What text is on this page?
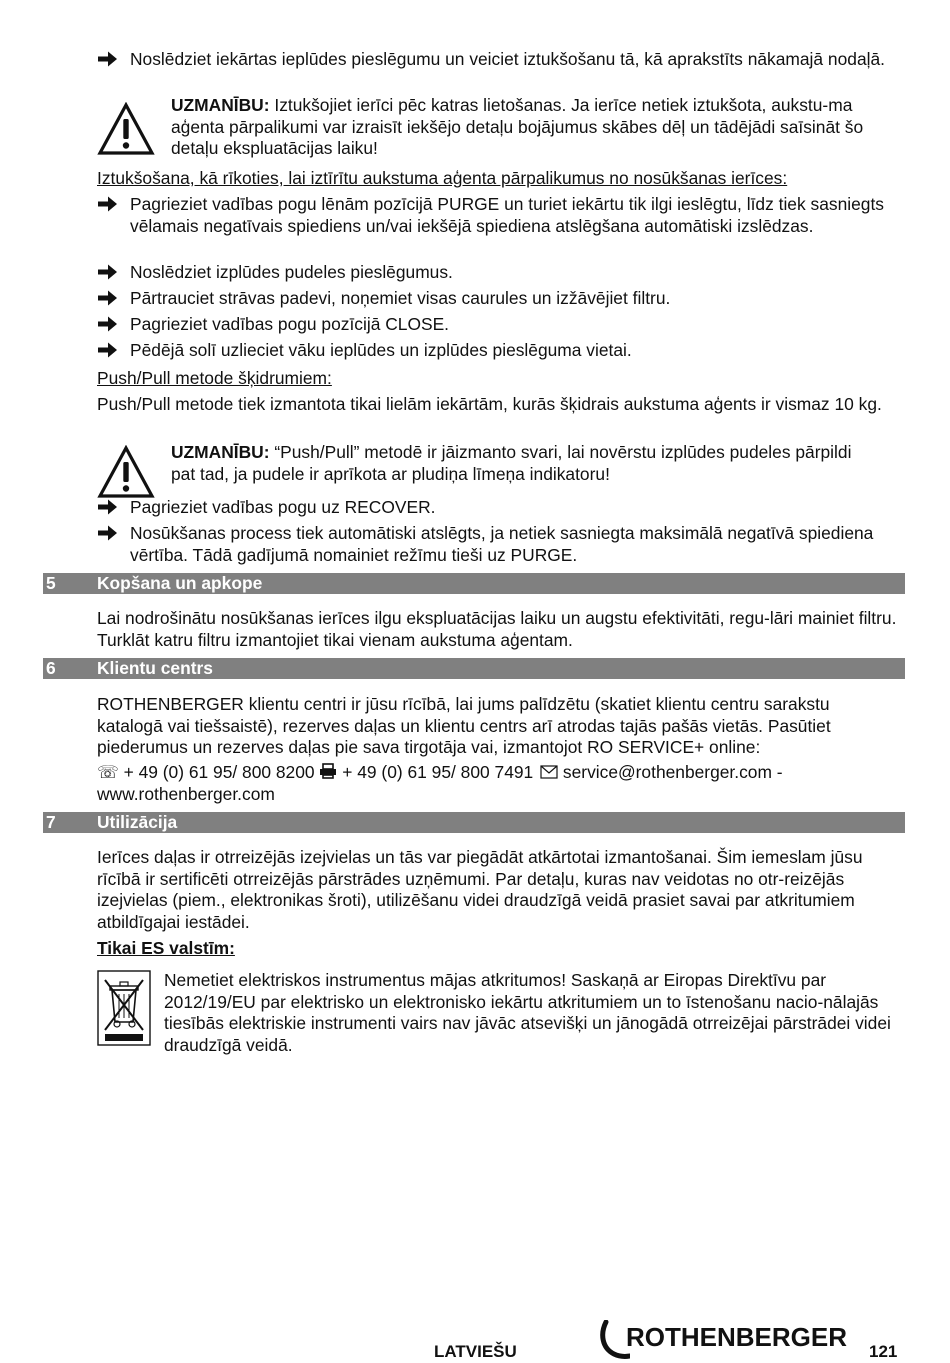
Noslēdziet iekārtas ieplūdes pieslēgumu un veiciet iztukšošanu tā, kā aprakstīts nākamajā nodaļā.
UZMANĪBU: Iztukšojiet ierīci pēc katras lietošanas. Ja ierīce netiek iztukšota, aukstu-ma aģenta pārpalikumi var izraisīt iekšējo detaļu bojājumus skābes dēļ un tādējādi saīsināt šo detaļu ekspluatācijas laiku!
Iztukšošana, kā rīkoties, lai iztīrītu aukstuma aģenta pārpalikumus no nosūkšanas ierīces:
Pagrieziet vadības pogu lēnām pozīcijā PURGE un turiet iekārtu tik ilgi ieslēgtu, līdz tiek sasniegts vēlamais negatīvais spiediens un/vai iekšējā spiediena atslēgšana automātiski izslēdzas.
Noslēdziet izplūdes pudeles pieslēgumus.
Pārtrauciet strāvas padevi, noņemiet visas caurules un izžāvējiet filtru.
Pagrieziet vadības pogu pozīcijā CLOSE.
Pēdējā solī uzlieciet vāku ieplūdes un izplūdes pieslēguma vietai.
Push/Pull metode šķidrumiem:
Push/Pull metode tiek izmantota tikai lielām iekārtām, kurās šķidrais aukstuma aģents ir vismaz 10 kg.
UZMANĪBU: “Push/Pull” metodē ir jāizmanto svari, lai novērstu izplūdes pudeles pārpildi pat tad, ja pudele ir aprīkota ar pludiņa līmeņa indikatoru!
Pagrieziet vadības pogu uz RECOVER.
Nosūkšanas process tiek automātiski atslēgts, ja netiek sasniegta maksimālā negatīvā spiediena vērtība. Tādā gadījumā nomainiet režīmu tieši uz PURGE.
5 Kopšana un apkope
Lai nodrošinātu nosūkšanas ierīces ilgu ekspluatācijas laiku un augstu efektivitāti, regu-lāri mainiet filtru. Turklāt katru filtru izmantojiet tikai vienam aukstuma aģentam.
6 Klientu centrs
ROTHENBERGER klientu centri ir jūsu rīcībā, lai jums palīdzētu (skatiet klientu centru sarakstu katalogā vai tiešsaistē), rezerves daļas un klientu centrs arī atrodas tajās pašās vietās. Pasūtiet piederumus un rezerves daļas pie sava tirgotāja vai, izmantojot RO SERVICE+ online:
☏ + 49 (0) 61 95/ 800 8200 + 49 (0) 61 95/ 800 7491 service@rothenberger.com -
www.rothenberger.com
7 Utilizācija
Ierīces daļas ir otrreizējās izejvielas un tās var piegādāt atkārtotai izmantošanai. Šim iemeslam jūsu rīcībā ir sertificēti otrreizējās pārstrādes uzņēmumi. Par detaļu, kuras nav veidotas no otr-reizējās izejvielas (piem., elektronikas šroti), utilizēšanu videi draudzīgā veidā prasiet savai par atkritumiem atbildīgajai iestādei.
Tikai ES valstīm:
Nemetiet elektriskos instrumentus mājas atkritumos! Saskaņā ar Eiropas Direktīvu par 2012/19/EU par elektrisko un elektronisko iekārtu atkritumiem un to īstenošanu nacio-nālajās tiesībās elektriskie instrumenti vairs nav jāvāc atsevišķi un jānogādā otrreizējai pārstrādei videi draudzīgā veidā.
LATVIEŠU	ROTHENBERGER 121
